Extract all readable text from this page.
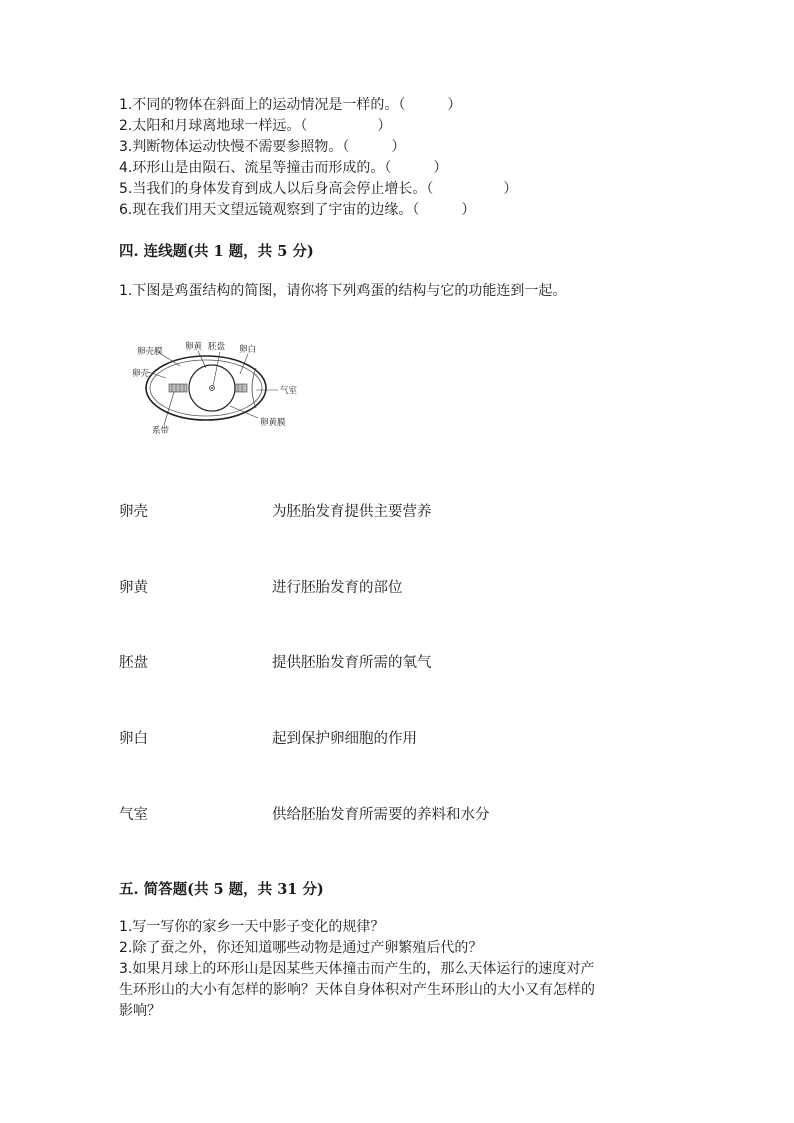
1.不同的物体在斜面上的运动情况是一样的。（　　　）
2.太阳和月球离地球一样远。（　　　　　）
3.判断物体运动快慢不需要参照物。（　　　）
4.环形山是由陨石、流星等撞击而形成的。（　　　）
5.当我们的身体发育到成人以后身高会停止增长。（　　　　　）
6.现在我们用天文望远镜观察到了宇宙的边缘。（　　　）
四. 连线题(共 1 题，共 5 分)
1.下图是鸡蛋结构的简图，请你将下列鸡蛋的结构与它的功能连到一起。
卵壳膜
卵壳
卵黄 胚盘 卵白
气室
系带
卵黄膜
卵壳	为胚胎发育提供主要营养
卵黄	进行胚胎发育的部位
胚盘	提供胚胎发育所需的氧气
卵白	起到保护卵细胞的作用
气室	供给胚胎发育所需要的养料和水分
五. 简答题(共 5 题，共 31 分)
1.写一写你的家乡一天中影子变化的规律？
2.除了蚕之外，你还知道哪些动物是通过产卵繁殖后代的？
3.如果月球上的环形山是因某些天体撞击而产生的，那么天体运行的速度对产
生环形山的大小有怎样的影响？天体自身体积对产生环形山的大小又有怎样的
影响？
